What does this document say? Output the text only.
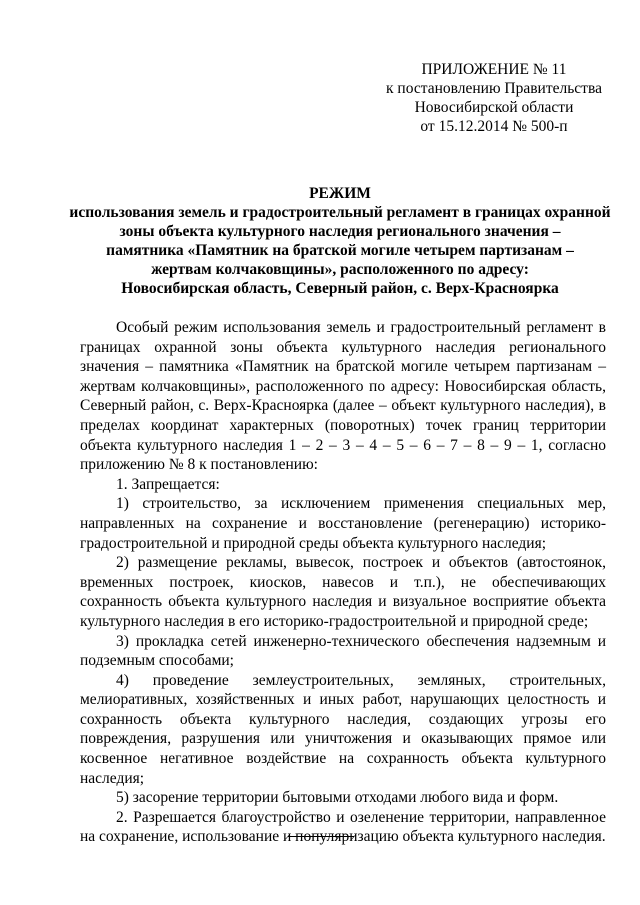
ПРИЛОЖЕНИЕ № 11
к постановлению Правительства
Новосибирской области
от 15.12.2014 № 500-п
РЕЖИМ
использования земель и градостроительный регламент в границах охранной
зоны объекта культурного наследия регионального значения –
памятника «Памятник на братской могиле четырем партизанам –
жертвам колчаковщины», расположенного по адресу:
Новосибирская область, Северный район, с. Верх-Красноярка

Особый режим использования земель и градостроительный регламент в границах охранной зоны объекта культурного наследия регионального значения – памятника «Памятник на братской могиле четырем партизанам – жертвам колчаковщины», расположенного по адресу: Новосибирская область, Северный район, с. Верх-Красноярка (далее – объект культурного наследия), в пределах координат характерных (поворотных) точек границ территории объекта культурного наследия 1 – 2 – 3 – 4 – 5 – 6 – 7 – 8 – 9 – 1, согласно приложению № 8 к постановлению:

1. Запрещается:

1) строительство, за исключением применения специальных мер, направленных на сохранение и восстановление (регенерацию) историко-градостроительной и природной среды объекта культурного наследия;

2) размещение рекламы, вывесок, построек и объектов (автостоянок, временных построек, киосков, навесов и т.п.), не обеспечивающих сохранность объекта культурного наследия и визуальное восприятие объекта культурного наследия в его историко-градостроительной и природной среде;

3) прокладка сетей инженерно-технического обеспечения надземным и подземным способами;

4) проведение землеустроительных, земляных, строительных, мелиоративных, хозяйственных и иных работ, нарушающих целостность и сохранность объекта культурного наследия, создающих угрозы его повреждения, разрушения или уничтожения и оказывающих прямое или косвенное негативное воздействие на сохранность объекта культурного наследия;

5) засорение территории бытовыми отходами любого вида и форм.

2. Разрешается благоустройство и озеленение территории, направленное на сохранение, использование и популяризацию объекта культурного наследия.
